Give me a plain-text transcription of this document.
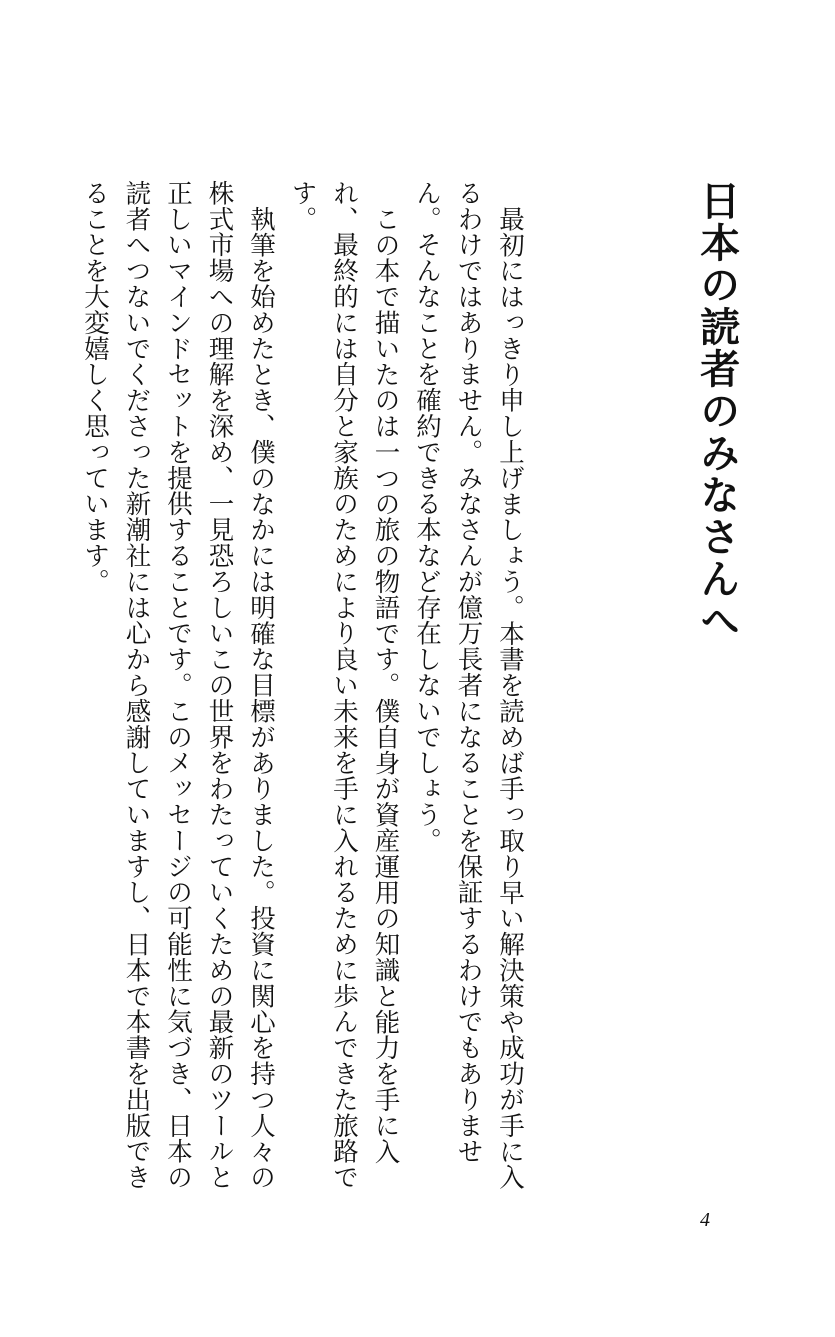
日本の読者のみなさんへ

最初にはっきり申し上げましょう。本書を読めば手っ取り早い解決策や成功が手に入るわけではありません。みなさんが億万長者になることを保証するわけでもありません。そんなことを確約できる本など存在しないでしょう。

この本で描いたのは一つの旅の物語です。僕自身が資産運用の知識と能力を手に入れ、最終的には自分と家族のためにより良い未来を手に入れるために歩んできた旅路です。

執筆を始めたとき、僕のなかには明確な目標がありました。投資に関心を持つ人々の株式市場への理解を深め、一見恐ろしいこの世界をわたっていくための最新のツールと正しいマインドセットを提供することです。このメッセージの可能性に気づき、日本の読者へつないでくださった新潮社には心から感謝していますし、日本で本書を出版できることを大変嬉しく思っています。

4
